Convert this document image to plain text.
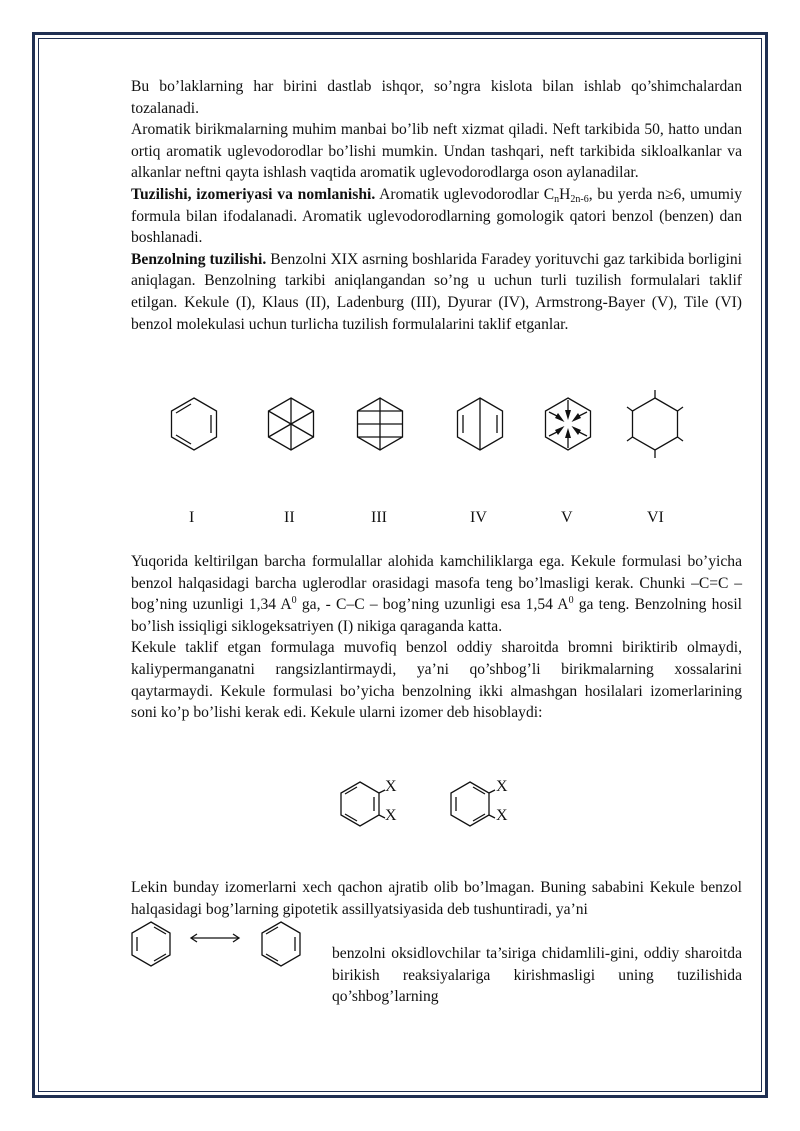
Bu bo’laklarning har birini dastlab ishqor, so’ngra kislota bilan ishlab qo’shimchalardan tozalanadi.

Aromatik birikmalarning muhim manbai bo’lib neft xizmat qiladi. Neft tarkibida 50, hatto undan ortiq aromatik uglevodorodlar bo’lishi mumkin. Undan tashqari, neft tarkibida sikloalkanlar va alkanlar neftni qayta ishlash vaqtida aromatik uglevodorodlarga oson aylanadilar.

Tuzilishi, izomeriyasi va nomlanishi. Aromatik uglevodorodlar $C_nH_{2n-6}$, bu yerda n≥6, umumiy formula bilan ifodalanadi. Aromatik uglevodorodlarning gomologik qatori benzol (benzen) dan boshlanadi.

Benzolning tuzilishi. Benzolni XIX asrning boshlarida Faradey yorituvchi gaz tarkibida borligini aniqlagan. Benzolning tarkibi aniqlangandan so’ng u uchun turli tuzilish formulalari taklif etilgan. Kekule (I), Klaus (II), Ladenburg (III), Dyurar (IV), Armstrong-Bayer (V), Tile (VI) benzol molekulasi uchun turlicha tuzilish formulalarini taklif etganlar.

I	II	III	IV	V	VI

Yuqorida keltirilgan barcha formulallar alohida kamchiliklarga ega. Kekule formulasi bo’yicha benzol halqasidagi barcha uglerodlar orasidagi masofa teng bo’lmasligi kerak. Chunki –C=C – bog’ning uzunligi 1,34 $A^0$ ga, - C–C – bog’ning uzunligi esa 1,54 $A^0$ ga teng. Benzolning hosil bo’lish issiqligi siklogeksatriyen (I) nikiga qaraganda katta.

Kekule taklif etgan formulaga muvofiq benzol oddiy sharoitda bromni biriktirib olmaydi, kaliypermanganatni rangsizlantirmaydi, ya’ni qo’shbog’li birikmalarning xossalarini qaytarmaydi. Kekule formulasi bo’yicha benzolning ikki almashgan hosilalari izomerlarining soni ko’p bo’lishi kerak edi. Kekule ularni izomer deb hisoblaydi:

X
X
X
X

Lekin bunday izomerlarni xech qachon ajratib olib bo’lmagan. Buning sababini Kekule benzol halqasidagi bog’larning gipotetik assillyatsiyasida deb tushuntiradi, ya’ni

benzolni oksidlovchilar ta’siriga chidamlili-gini, oddiy sharoitda birikish reaksiyalariga kirishmasligi uning tuzilishida qo’shbog’larning
